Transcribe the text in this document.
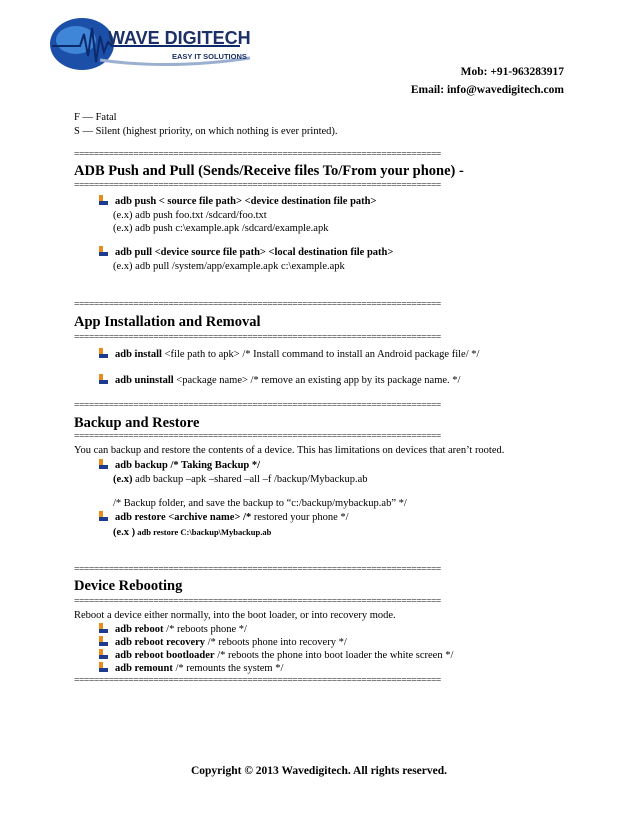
WAVE DIGITECH
EASY IT SOLUTIONS
Mob: +91-963283917
Email: info@wavedigitech.com
F — Fatal
S — Silent (highest priority, on which nothing is ever printed).
==========================================================================
ADB Push and Pull (Sends/Receive files To/From your phone) -
==========================================================================
adb push < source file path> <device destination file path>
(e.x) adb push foo.txt /sdcard/foo.txt
(e.x) adb push c:\example.apk /sdcard/example.apk
adb pull <device source file path> <local destination file path>
(e.x) adb pull /system/app/example.apk c:\example.apk
==========================================================================
App Installation and Removal
==========================================================================
adb install <file path to apk> /* Install command to install an Android package file/ */
adb uninstall <package name> /* remove an existing app by its package name. */
==========================================================================
Backup and Restore
==========================================================================
You can backup and restore the contents of a device. This has limitations on devices that aren’t rooted.
adb backup /* Taking Backup */
(e.x) adb backup –apk –shared –all –f /backup/Mybackup.ab
/* Backup folder, and save the backup to “c:/backup/mybackup.ab” */
adb restore <archive name> /* restored your phone */
(e.x ) adb restore C:\backup\Mybackup.ab
==========================================================================
Device Rebooting
==========================================================================
Reboot a device either normally, into the boot loader, or into recovery mode.
adb reboot /* reboots phone */
adb reboot recovery /* reboots phone into recovery */
adb reboot bootloader /* reboots the phone into boot loader the white screen */
adb remount /* remounts the system */
==========================================================================
Copyright © 2013 Wavedigitech. All rights reserved.
